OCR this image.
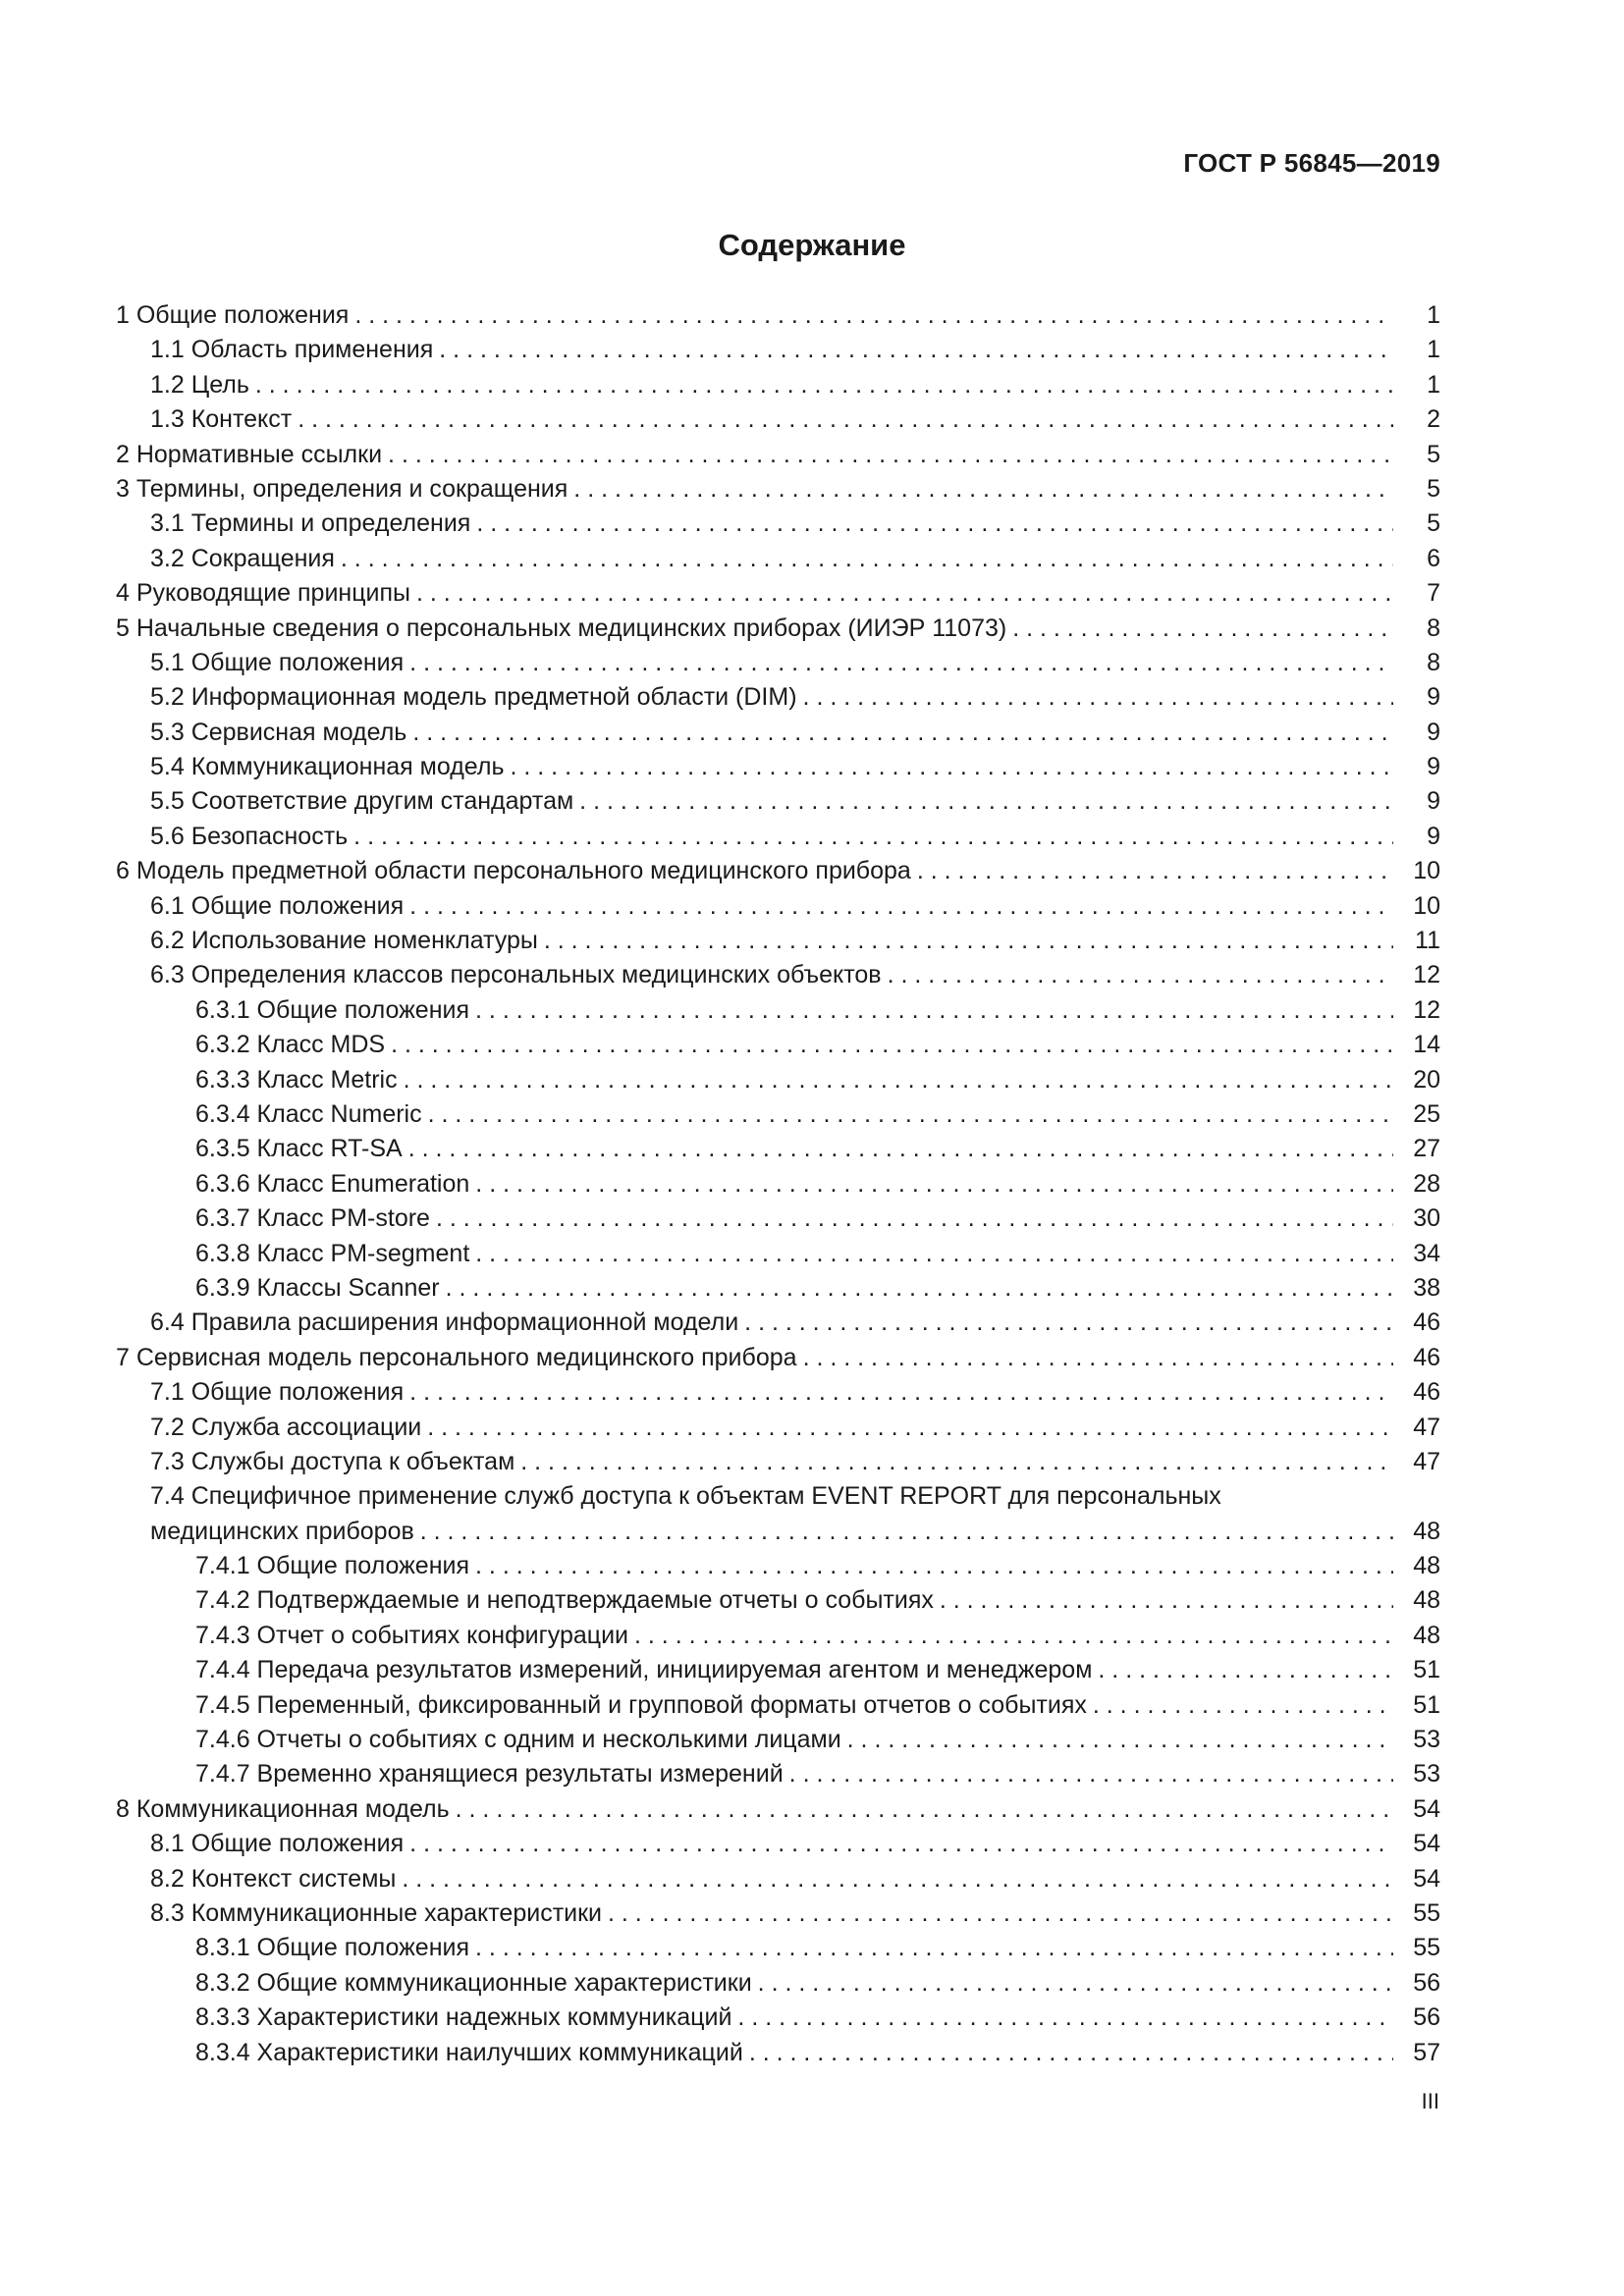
ГОСТ Р 56845—2019
Содержание
1 Общие положения . . .	1
1.1 Область применения . . .	1
1.2 Цель . . .	1
1.3 Контекст . . .	2
2 Нормативные ссылки . . .	5
3 Термины, определения и сокращения . . .	5
3.1 Термины и определения . . .	5
3.2 Сокращения . . .	6
4 Руководящие принципы . . .	7
5 Начальные сведения о персональных медицинских приборах (ИИЭР 11073) . . .	8
5.1 Общие положения . . .	8
5.2 Информационная модель предметной области (DIM) . . .	9
5.3 Сервисная модель . . .	9
5.4 Коммуникационная модель . . .	9
5.5 Соответствие другим стандартам . . .	9
5.6 Безопасность . . .	9
6 Модель предметной области персонального медицинского прибора . . .	10
6.1 Общие положения . . .	10
6.2 Использование номенклатуры . . .	11
6.3 Определения классов персональных медицинских объектов . . .	12
6.3.1 Общие положения . . .	12
6.3.2 Класс MDS . . .	14
6.3.3 Класс Metric . . .	20
6.3.4 Класс Numeric . . .	25
6.3.5 Класс RT-SA . . .	27
6.3.6 Класс Enumeration . . .	28
6.3.7 Класс PM-store . . .	30
6.3.8 Класс PM-segment . . .	34
6.3.9 Классы Scanner . . .	38
6.4 Правила расширения информационной модели . . .	46
7 Сервисная модель персонального медицинского прибора . . .	46
7.1 Общие положения . . .	46
7.2 Служба ассоциации . . .	47
7.3 Службы доступа к объектам . . .	47
7.4 Специфичное применение служб доступа к объектам EVENT REPORT для персональных
медицинских приборов . . .	48
7.4.1 Общие положения . . .	48
7.4.2 Подтверждаемые и неподтверждаемые отчеты о событиях . . .	48
7.4.3 Отчет о событиях конфигурации . . .	48
7.4.4 Передача результатов измерений, инициируемая агентом и менеджером . . .	51
7.4.5 Переменный, фиксированный и групповой форматы отчетов о событиях . . .	51
7.4.6 Отчеты о событиях с одним и несколькими лицами . . .	53
7.4.7 Временно хранящиеся результаты измерений . . .	53
8 Коммуникационная модель . . .	54
8.1 Общие положения . . .	54
8.2 Контекст системы . . .	54
8.3 Коммуникационные характеристики . . .	55
8.3.1 Общие положения . . .	55
8.3.2 Общие коммуникационные характеристики . . .	56
8.3.3 Характеристики надежных коммуникаций . . .	56
8.3.4 Характеристики наилучших коммуникаций . . .	57
III
